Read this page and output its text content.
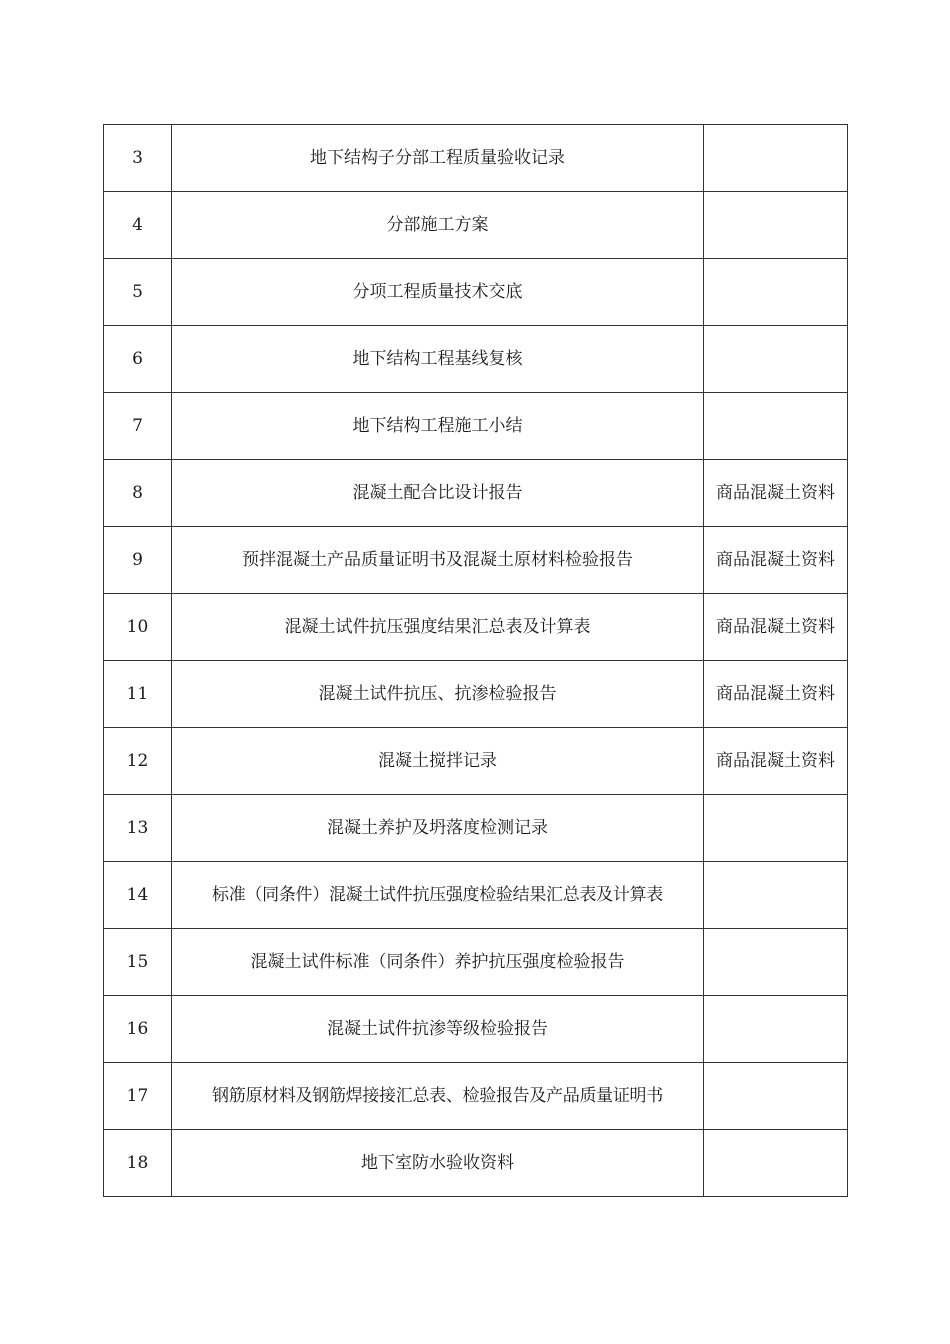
3	地下结构子分部工程质量验收记录	
4	分部施工方案	
5	分项工程质量技术交底	
6	地下结构工程基线复核	
7	地下结构工程施工小结	
8	混凝土配合比设计报告	商品混凝土资料
9	预拌混凝土产品质量证明书及混凝土原材料检验报告	商品混凝土资料
10	混凝土试件抗压强度结果汇总表及计算表	商品混凝土资料
11	混凝土试件抗压、抗渗检验报告	商品混凝土资料
12	混凝土搅拌记录	商品混凝土资料
13	混凝土养护及坍落度检测记录	
14	标准（同条件）混凝土试件抗压强度检验结果汇总表及计算表	
15	混凝土试件标准（同条件）养护抗压强度检验报告	
16	混凝土试件抗渗等级检验报告	
17	钢筋原材料及钢筋焊接接汇总表、检验报告及产品质量证明书	
18	地下室防水验收资料	
